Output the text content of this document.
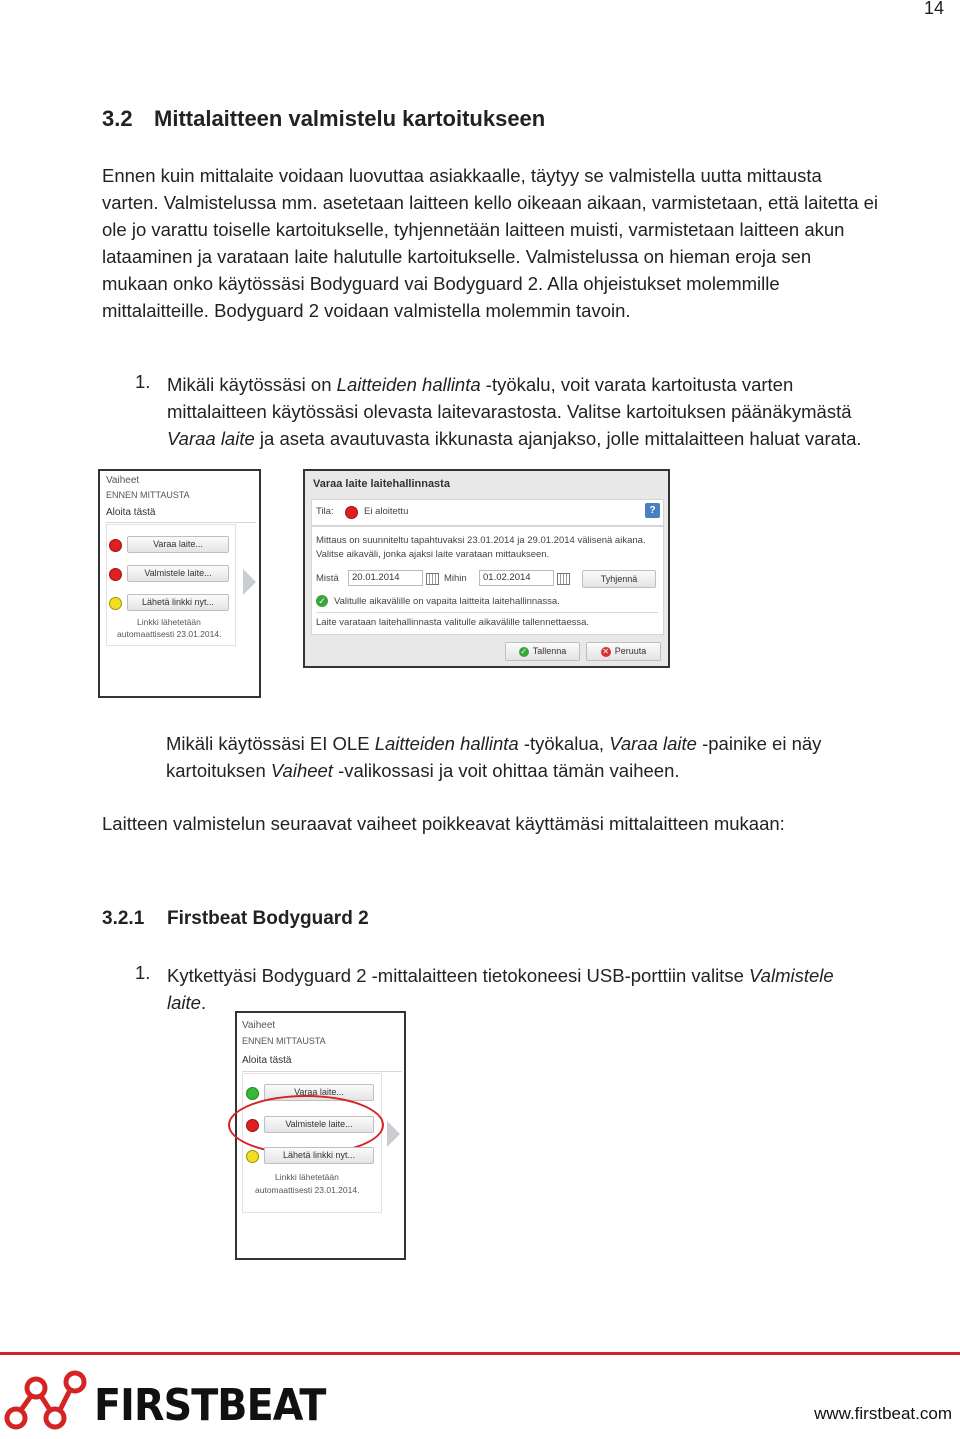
14
3.2 Mittalaitteen valmistelu kartoitukseen
Ennen kuin mittalaite voidaan luovuttaa asiakkaalle, täytyy se valmistella uutta mittausta
varten. Valmistelussa mm. asetetaan laitteen kello oikeaan aikaan, varmistetaan, että laitetta ei
ole jo varattu toiselle kartoitukselle, tyhjennetään laitteen muisti, varmistetaan laitteen akun
lataaminen ja varataan laite halutulle kartoitukselle. Valmistelussa on hieman eroja sen
mukaan onko käytössäsi Bodyguard vai Bodyguard 2. Alla ohjeistukset molemmille
mittalaitteille. Bodyguard 2 voidaan valmistella molemmin tavoin.
1. Mikäli käytössäsi on Laitteiden hallinta -työkalu, voit varata kartoitusta varten
mittalaitteen käytössäsi olevasta laitevarastosta. Valitse kartoituksen päänäkymästä
Varaa laite ja aseta avautuvasta ikkunasta ajanjakso, jolle mittalaitteen haluat varata.
Vaiheet
ENNEN MITTAUSTA
Aloita tästä
Varaa laite...
Valmistele laite...
Lähetä linkki nyt...
Linkki lähetetään
automaattisesti 23.01.2014.
Varaa laite laitehallinnasta
Tila:	Ei aloitettu	?
Mittaus on suunniteltu tapahtuvaksi 23.01.2014 ja 29.01.2014 välisenä aikana.
Valitse aikaväli, jonka ajaksi laite varataan mittaukseen.
Mistä	20.01.2014	Mihin	01.02.2014	Tyhjennä
✓ Valitulle aikavälille on vapaita laitteita laitehallinnassa.
Laite varataan laitehallinnasta valitulle aikavälille tallennettaessa.
✓ Tallenna	✕ Peruuta
Mikäli käytössäsi EI OLE Laitteiden hallinta -työkalua, Varaa laite -painike ei näy
kartoituksen Vaiheet -valikossasi ja voit ohittaa tämän vaiheen.
Laitteen valmistelun seuraavat vaiheet poikkeavat käyttämäsi mittalaitteen mukaan:
3.2.1 Firstbeat Bodyguard 2
1. Kytkettyäsi Bodyguard 2 -mittalaitteen tietokoneesi USB-porttiin valitse Valmistele
laite.
Vaiheet
ENNEN MITTAUSTA
Aloita tästä
Varaa laite...
Valmistele laite...
Lähetä linkki nyt...
Linkki lähetetään
automaattisesti 23.01.2014.
FIRSTBEAT	www.firstbeat.com
